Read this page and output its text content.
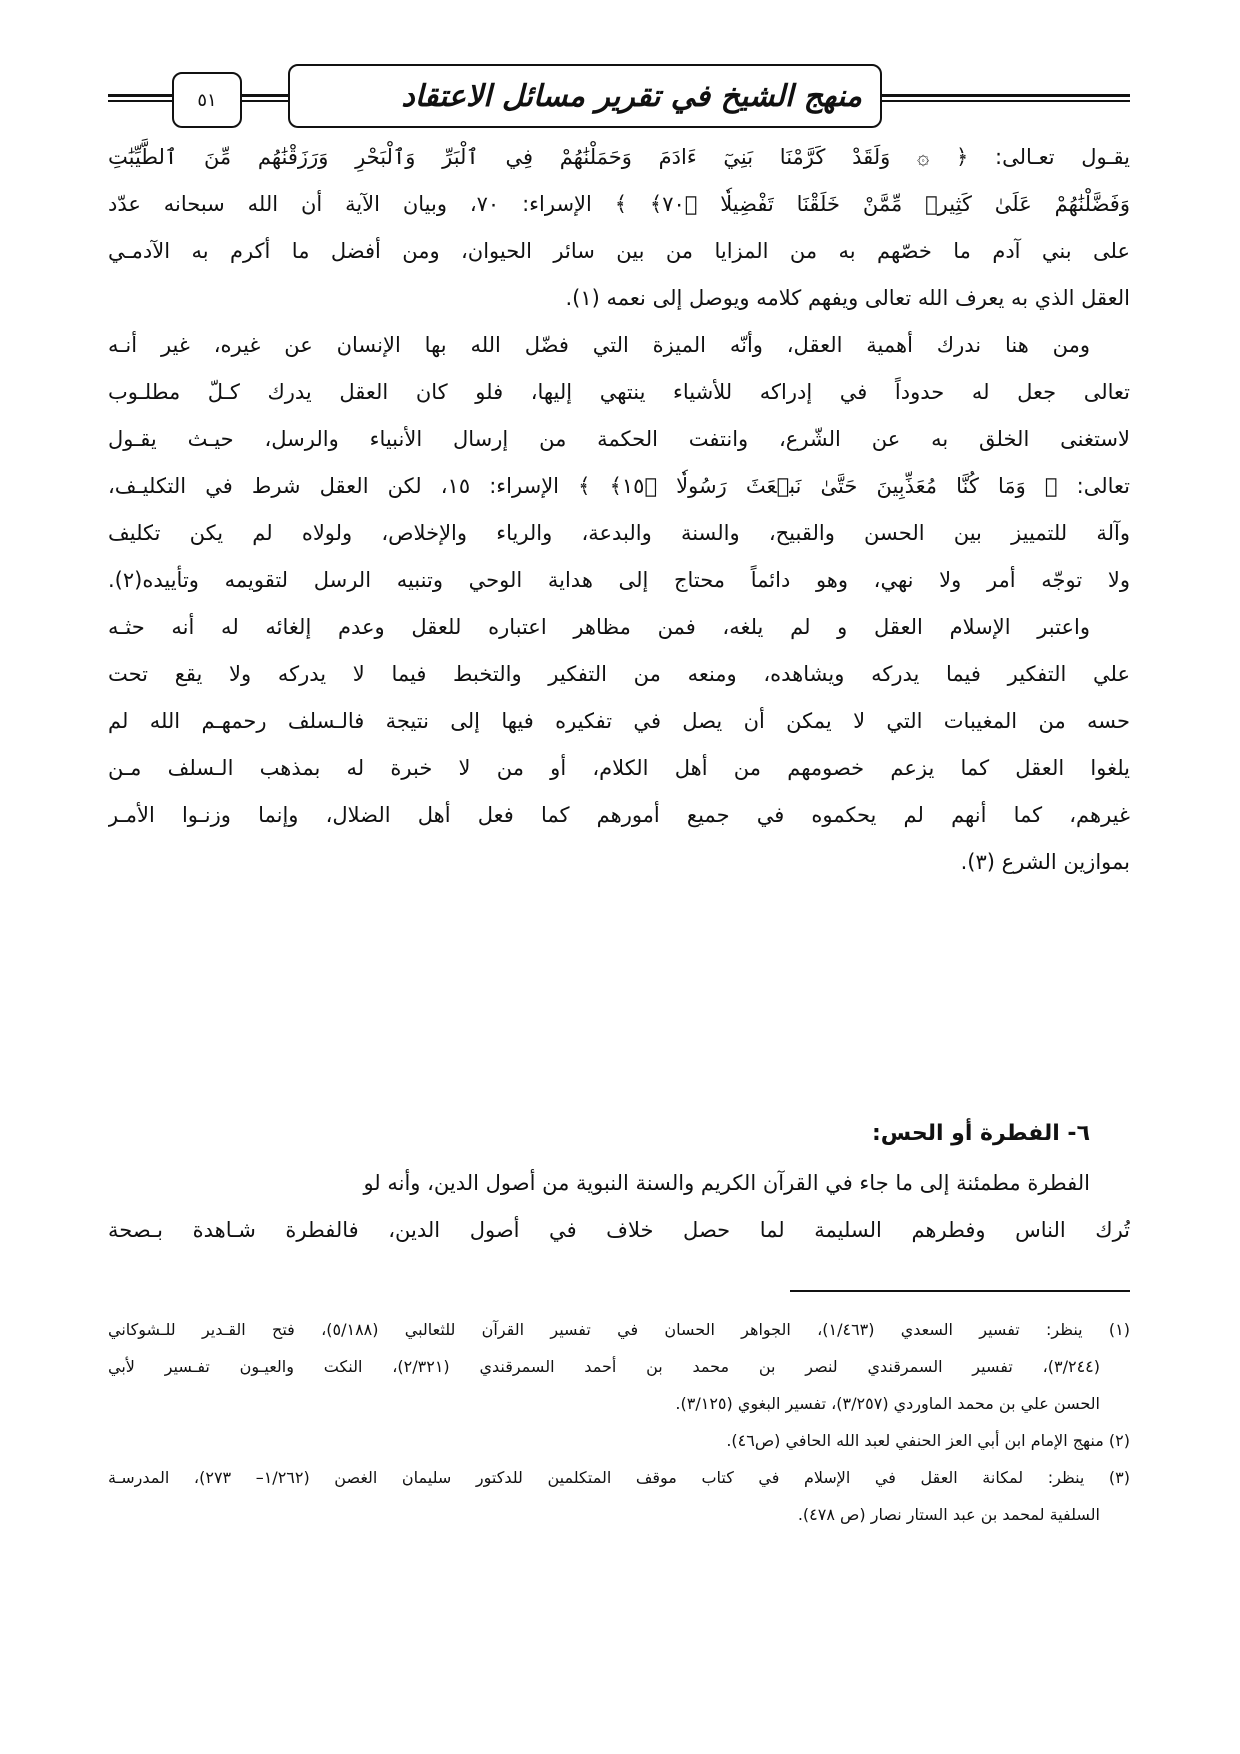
٥١	منهج الشيخ في تقرير مسائل الاعتقاد
يقـول تعـالى: ﴿ ۞ وَلَقَدْ كَرَّمْنَا بَنِيٓ ءَادَمَ وَحَمَلْنَٰهُمْ فِي ٱلْبَرِّ وَٱلْبَحْرِ وَرَزَقْنَٰهُم مِّنَ ٱلطَّيِّبَٰتِ
وَفَضَّلْنَٰهُمْ عَلَىٰ كَثِيرٖ مِّمَّنْ خَلَقْنَا تَفْضِيلٗا ﴿٧٠﴾ ﴾ الإسراء: ٧٠، وبيان الآية أن الله سبحانه عدّد
على بني آدم ما خصّهم به من المزايا من بين سائر الحيوان، ومن أفضل ما أكرم به الآدمـي
العقل الذي به يعرف الله تعالى ويفهم كلامه ويوصل إلى نعمه (١).
ومن هنا ندرك أهمية العقل، وأنّه الميزة التي فضّل الله بها الإنسان عن غيره، غير أنـه
تعالى جعل له حدوداً في إدراكه للأشياء ينتهي إليها، فلو كان العقل يدرك كـلّ مطلـوب
لاستغنى الخلق به عن الشّرع، وانتفت الحكمة من إرسال الأنبياء والرسل، حيـث يقـول
تعالى: ﴿ وَمَا كُنَّا مُعَذِّبِينَ حَتَّىٰ نَبۡعَثَ رَسُولٗا ﴿١٥﴾ ﴾ الإسراء: ١٥، لكن العقل شرط في التكليـف،
وآلة للتمييز بين الحسن والقبيح، والسنة والبدعة، والرياء والإخلاص، ولولاه لم يكن تكليف
ولا توجّه أمر ولا نهي، وهو دائماً محتاج إلى هداية الوحي وتنبيه الرسل لتقويمه وتأييده(٢).
واعتبر الإسلام العقل و لم يلغه، فمن مظاهر اعتباره للعقل وعدم إلغائه له أنه حثـه
علي التفكير فيما يدركه ويشاهده، ومنعه من التفكير والتخبط فيما لا يدركه ولا يقع تحت
حسه من المغيبات التي لا يمكن أن يصل في تفكيره فيها إلى نتيجة فالـسلف رحمهـم الله لم
يلغوا العقل كما يزعم خصومهم من أهل الكلام، أو من لا خبرة له بمذهب الـسلف مـن
غيرهم، كما أنهم لم يحكموه في جميع أمورهم كما فعل أهل الضلال، وإنما وزنـوا الأمـر
بموازين الشرع (٣).
٦- الفطرة أو الحس:
الفطرة مطمئنة إلى ما جاء في القرآن الكريم والسنة النبوية من أصول الدين، وأنه لو
تُرك الناس وفطرهم السليمة لما حصل خلاف في أصول الدين، فالفطرة شـاهدة بـصحة
(١) ينظر: تفسير السعدي (١/٤٦٣)، الجواهر الحسان في تفسير القرآن للثعالبي (٥/١٨٨)، فتح القـدير للـشوكاني
(٣/٢٤٤)، تفسير السمرقندي لنصر بن محمد بن أحمد السمرقندي (٢/٣٢١)، النكت والعيـون تفـسير لأبي
الحسن علي بن محمد الماوردي (٣/٢٥٧)، تفسير البغوي (٣/١٢٥).
(٢) منهج الإمام ابن أبي العز الحنفي لعبد الله الحافي (ص٤٦).
(٣) ينظر: لمكانة العقل في الإسلام في كتاب موقف المتكلمين للدكتور سليمان الغصن (١/٢٦٢– ٢٧٣)، المدرسـة
السلفية لمحمد بن عبد الستار نصار (ص ٤٧٨).
